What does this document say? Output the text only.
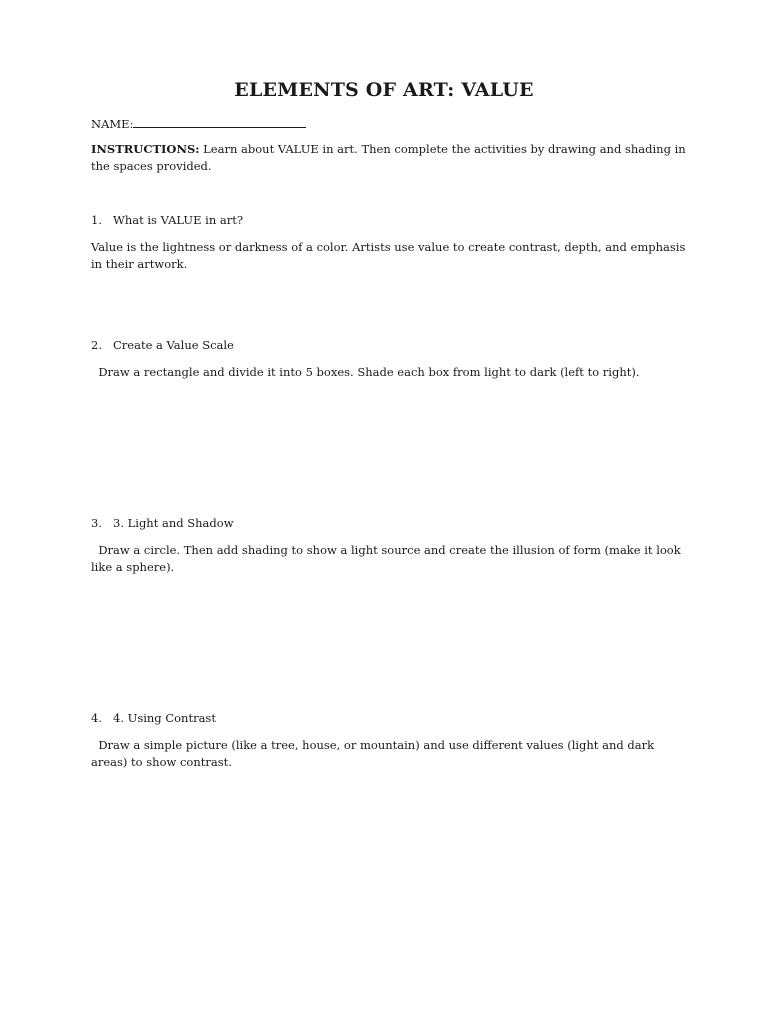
ELEMENTS OF ART: VALUE
NAME:
INSTRUCTIONS: Learn about VALUE in art. Then complete the activities by drawing and shading in the spaces provided.
1. What is VALUE in art?
Value is the lightness or darkness of a color. Artists use value to create contrast, depth, and emphasis in their artwork.
2. Create a Value Scale
Draw a rectangle and divide it into 5 boxes. Shade each box from light to dark (left to right).
3. 3. Light and Shadow
Draw a circle. Then add shading to show a light source and create the illusion of form (make it look like a sphere).
4. 4. Using Contrast
Draw a simple picture (like a tree, house, or mountain) and use different values (light and dark areas) to show contrast.
